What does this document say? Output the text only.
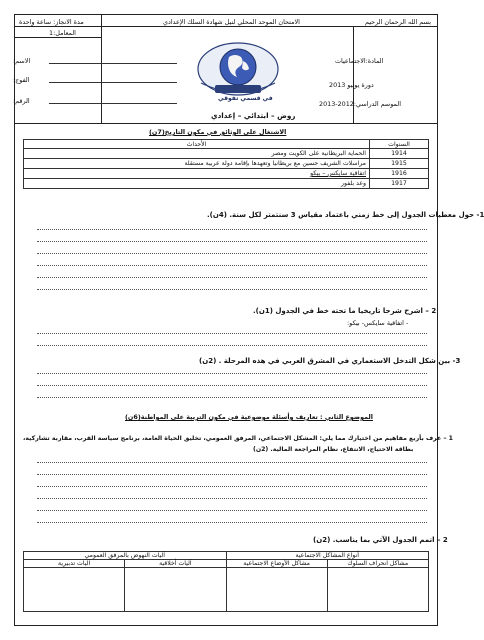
مدة الانجاز: ساعة واحدة
المعامل:1
الامتحان الموحد المحلي لنيل شهادة السلك الإعدادي	بسم الله الرحمان الرحيم
الاسم:
الفوج:
الرقم:	في قسمي تفوقي
المادة:الاجتماعيات
دورة يونيو 2013
الموسم الدراسي:2012-2013
روض – ابتدائي – إعدادي
الاشتغال على الوثائق في مكون التاريخ(7ن)
الأحداث	السنوات
الحماية البريطانية على الكويت ومصر	1914
مراسلات الشريف حسين مع بريطانيا وتعهدها بإقامة دولة عربية مستقلة	1915
اتفاقية سايكس – بيكو	1916
وعد بلفور	1917
1- حول معطيات الجدول إلى خط زمني باعتماد مقياس 3 سنتمتر لكل سنة. (4ن).
2 – اشرح شرحا تاريخيا ما تحته خط في الجدول (1ن).
- اتفاقية سايكس- بيكو:
3- بين شكل التدخل الاستعماري في المشرق العربي في هذه المرحلة . (2ن)
الموضوع الثاني : تعاريف وأسئلة موضوعية في مكون التربية على المواطنة(6ن)
1 – عرف بأربع مفاهيم من اختيارك مما يلي: المشكل الاجتماعي، المرفق العمومي، تخليق الحياة العامة، برنامج سياسة القرب، مقاربة تشاركية،
بطاقة الاحتياج، الانتفاع، نظام المراجعة المالية. (2ن)
2 – اتمم الجدول الآتي بما يناسب. (2ن)
آليات النهوض بالمرفق العمومي		أنواع المشاكل الاجتماعية	
آليات تدبيرية	آليات أخلاقية	مشاكل الأوضاع الاجتماعية	مشاكل انحراف السلوك
